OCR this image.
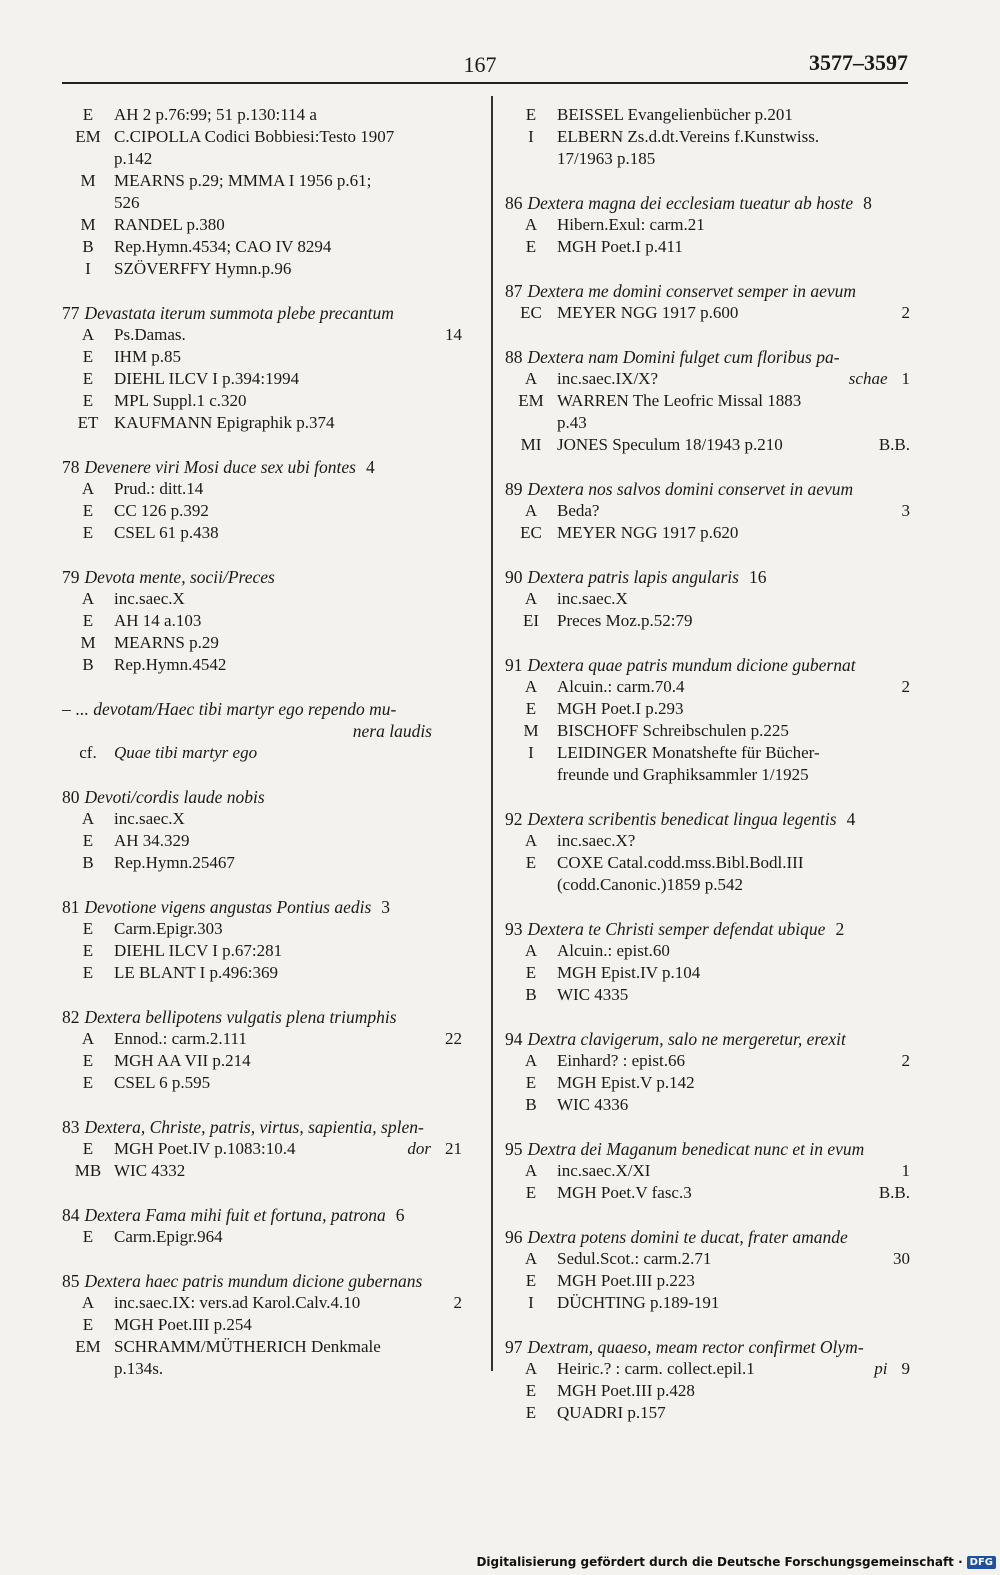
167	3577–3597
E	AH 2 p.76:99; 51 p.130:114 a
EM C.CIPOLLA Codici Bobbiesi:Testo 1907
p.142
M	MEARNS p.29; MMMA I 1956 p.61;
526
M	RANDEL p.380
B	Rep.Hymn.4534; CAO IV 8294
I	SZÖVERFFY Hymn.p.96
77 Devastata iterum summota plebe precantum
A	Ps.Damas.	14
E	IHM p.85
E	DIEHL ILCV I p.394:1994
E	MPL Suppl.1 c.320
ET KAUFMANN Epigraphik p.374
78 Devenere viri Mosi duce sex ubi fontes 4
A	Prud.: ditt.14
E	CC 126 p.392
E	CSEL 61 p.438
79 Devota mente, socii/Preces
A	inc.saec.X
E	AH 14 a.103
M	MEARNS p.29
B	Rep.Hymn.4542
– ... devotam/Haec tibi martyr ego rependo mu-
nera laudis
cf.	Quae tibi martyr ego
80 Devoti/cordis laude nobis
A	inc.saec.X
E	AH 34.329
B	Rep.Hymn.25467
81 Devotione vigens angustas Pontius aedis 3
E	Carm.Epigr.303
E	DIEHL ILCV I p.67:281
E	LE BLANT I p.496:369
82 Dextera bellipotens vulgatis plena triumphis
A	Ennod.: carm.2.111	22
E	MGH AA VII p.214
E	CSEL 6 p.595
83 Dextera, Christe, patris, virtus, sapientia, splen-
E	MGH Poet.IV p.1083:10.4	dor 21
MB WIC 4332
84 Dextera Fama mihi fuit et fortuna, patrona 6
E	Carm.Epigr.964
85 Dextera haec patris mundum dicione gubernans
A	inc.saec.IX: vers.ad Karol.Calv.4.10	2
E	MGH Poet.III p.254
EM SCHRAMM/MÜTHERICH Denkmale
p.134s.
E	BEISSEL Evangelienbücher p.201
I	ELBERN Zs.d.dt.Vereins f.Kunstwiss.
17/1963 p.185
86 Dextera magna dei ecclesiam tueatur ab hoste 8
A	Hibern.Exul: carm.21
E	MGH Poet.I p.411
87 Dextera me domini conservet semper in aevum
EC MEYER NGG 1917 p.600	2
88 Dextera nam Domini fulget cum floribus pa-
A	inc.saec.IX/X?	schae 1
EM WARREN The Leofric Missal 1883
p.43
MI JONES Speculum 18/1943 p.210	B.B.
89 Dextera nos salvos domini conservet in aevum
A	Beda?	3
EC MEYER NGG 1917 p.620
90 Dextera patris lapis angularis 16
A	inc.saec.X
EI	Preces Moz.p.52:79
91 Dextera quae patris mundum dicione gubernat
A	Alcuin.: carm.70.4	2
E	MGH Poet.I p.293
M	BISCHOFF Schreibschulen p.225
I	LEIDINGER Monatshefte für Bücher-
freunde und Graphiksammler 1/1925
92 Dextera scribentis benedicat lingua legentis 4
A	inc.saec.X?
E	COXE Catal.codd.mss.Bibl.Bodl.III
(codd.Canonic.)1859 p.542
93 Dextera te Christi semper defendat ubique 2
A	Alcuin.: epist.60
E	MGH Epist.IV p.104
B	WIC 4335
94 Dextra clavigerum, salo ne mergeretur, erexit
A	Einhard? : epist.66	2
E	MGH Epist.V p.142
B	WIC 4336
95 Dextra dei Maganum benedicat nunc et in evum
A	inc.saec.X/XI	1
E	MGH Poet.V fasc.3	B.B.
96 Dextra potens domini te ducat, frater amande
A	Sedul.Scot.: carm.2.71	30
E	MGH Poet.III p.223
I	DÜCHTING p.189-191
97 Dextram, quaeso, meam rector confirmet Olym-
A	Heiric.? : carm. collect.epil.1	pi 9
E	MGH Poet.III p.428
E	QUADRI p.157
Digitalisierung gefördert durch die Deutsche Forschungsgemeinschaft · DFG
